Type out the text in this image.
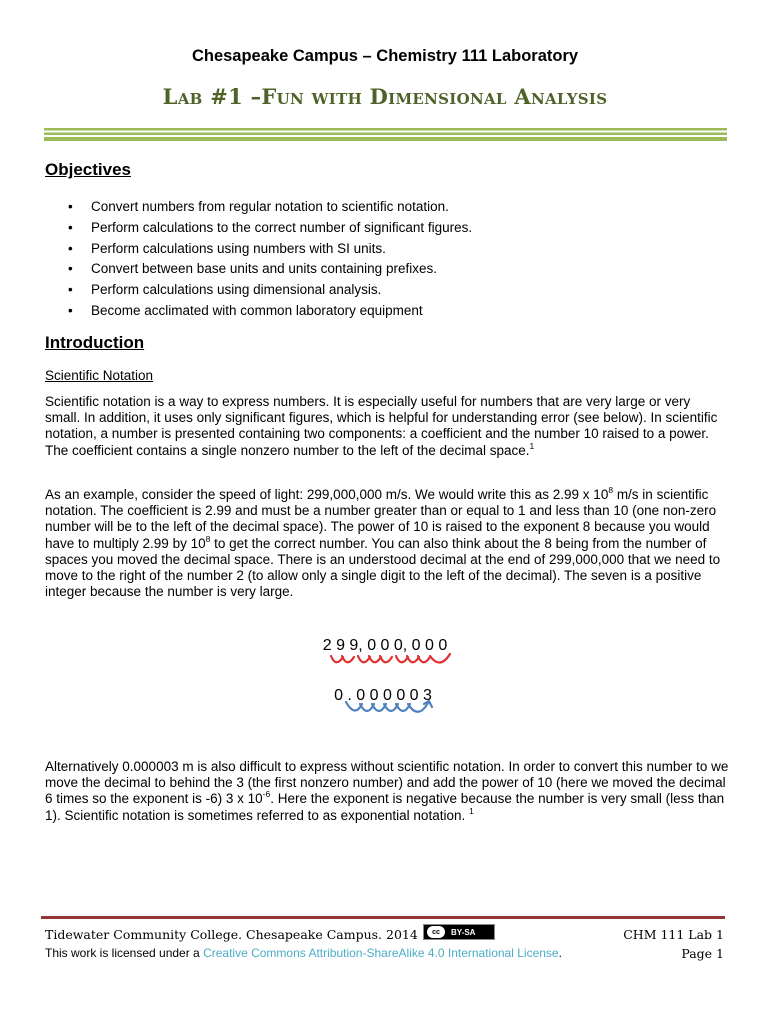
Chesapeake Campus – Chemistry 111 Laboratory
Lab #1 –Fun with Dimensional Analysis
Objectives
• Convert numbers from regular notation to scientific notation.
• Perform calculations to the correct number of significant figures.
• Perform calculations using numbers with SI units.
• Convert between base units and units containing prefixes.
• Perform calculations using dimensional analysis.
• Become acclimated with common laboratory equipment
Introduction
Scientific Notation

Scientific notation is a way to express numbers. It is especially useful for numbers that are very large or very small. In addition, it uses only significant figures, which is helpful for understanding error (see below). In scientific notation, a number is presented containing two components: a coefficient and the number 10 raised to a power. The coefficient contains a single nonzero number to the left of the decimal space.$^1$

As an example, consider the speed of light: 299,000,000 m/s. We would write this as 2.99 x $10^8$ m/s in scientific notation. The coefficient is 2.99 and must be a number greater than or equal to 1 and less than 10 (one non-zero number will be to the left of the decimal space). The power of 10 is raised to the exponent 8 because you would have to multiply 2.99 by $10^8$ to get the correct number. You can also think about the 8 being from the number of spaces you moved the decimal space. There is an understood decimal at the end of 299,000,000 that we need to move to the right of the number 2 (to allow only a single digit to the left of the decimal). The seven is a positive integer because the number is very large.

2 9 9, 0 0 0, 0 0 0
0 . 0 0 0 0 0 3

Alternatively 0.000003 m is also difficult to express without scientific notation. In order to convert this number to we move the decimal to behind the 3 (the first nonzero number) and add the power of 10 (here we moved the decimal 6 times so the exponent is -6) 3 x $10^{-6}$. Here the exponent is negative because the number is very small (less than 1). Scientific notation is sometimes referred to as exponential notation. $^1$

Tidewater Community College. Chesapeake Campus. 2014	cc	BY-SA
This work is licensed under a Creative Commons Attribution-ShareAlike 4.0 International License.
CHM 111 Lab 1
Page 1
